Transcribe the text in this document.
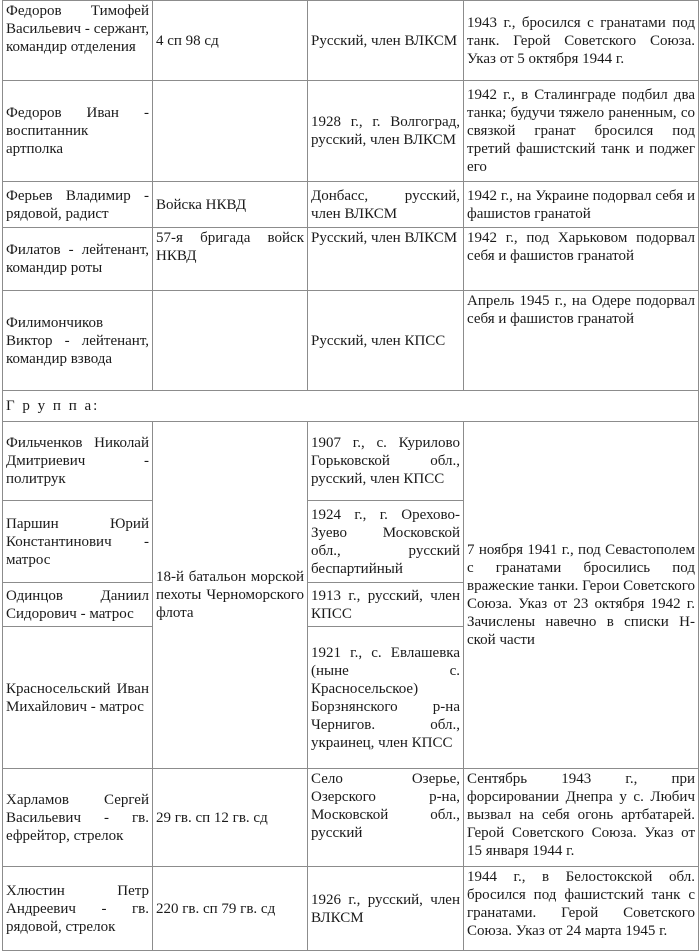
Федоров Тимофей Васильевич - сержант, командир отделения	4 сп 98 сд	Русский, член ВЛКСМ	1943 г., бросился с гранатами под танк. Герой Советского Союза. Указ от 5 октября 1944 г.
Федоров Иван - воспитанник артполка		1928 г., г. Волгоград, русский, член ВЛКСМ	1942 г., в Сталинграде подбил два танка; будучи тяжело раненным, со связкой гранат бросился под третий фашистский танк и поджег его
Ферьев Владимир - рядовой, радист	Войска НКВД	Донбасс, русский, член ВЛКСМ	1942 г., на Украине подорвал себя и фашистов гранатой
Филатов - лейтенант, командир роты	57-я бригада войск НКВД	Русский, член ВЛКСМ	1942 г., под Харьковом подорвал себя и фашистов гранатой
Филимончиков Виктор - лейтенант, командир взвода		Русский, член КПСС	Апрель 1945 г., на Одере подорвал себя и фашистов гранатой
Г р у п п а:			
Фильченков Николай Дмитриевич - политрук	18-й батальон морской пехоты Черноморского флота	1907 г., с. Курилово Горьковской обл., русский, член КПСС	7 ноября 1941 г., под Севастополем с гранатами бросились под вражеские танки. Герои Советского Союза. Указ от 23 октября 1942 г. Зачислены навечно в списки Н-ской части
Паршин Юрий Константинович - матрос		1924 г., г. Орехово-Зуево Московской обл., русский беспартийный	
Одинцов Даниил Сидорович - матрос		1913 г., русский, член КПСС	
Красносельский Иван Михайлович - матрос		1921 г., с. Евлашевка (ныне с. Красносельское) Борзнянского р-на Чернигов. обл., украинец, член КПСС	
Харламов Сергей Васильевич - гв. ефрейтор, стрелок	29 гв. сп 12 гв. сд	Село Озерье, Озерского р-на, Московской обл., русский	Сентябрь 1943 г., при форсировании Днепра у с. Любич вызвал на себя огонь артбатарей. Герой Советского Союза. Указ от 15 января 1944 г.
Хлюстин Петр Андреевич - гв. рядовой, стрелок	220 гв. сп 79 гв. сд	1926 г., русский, член ВЛКСМ	1944 г., в Белостокской обл. бросился под фашистский танк с гранатами. Герой Советского Союза. Указ от 24 марта 1945 г.
